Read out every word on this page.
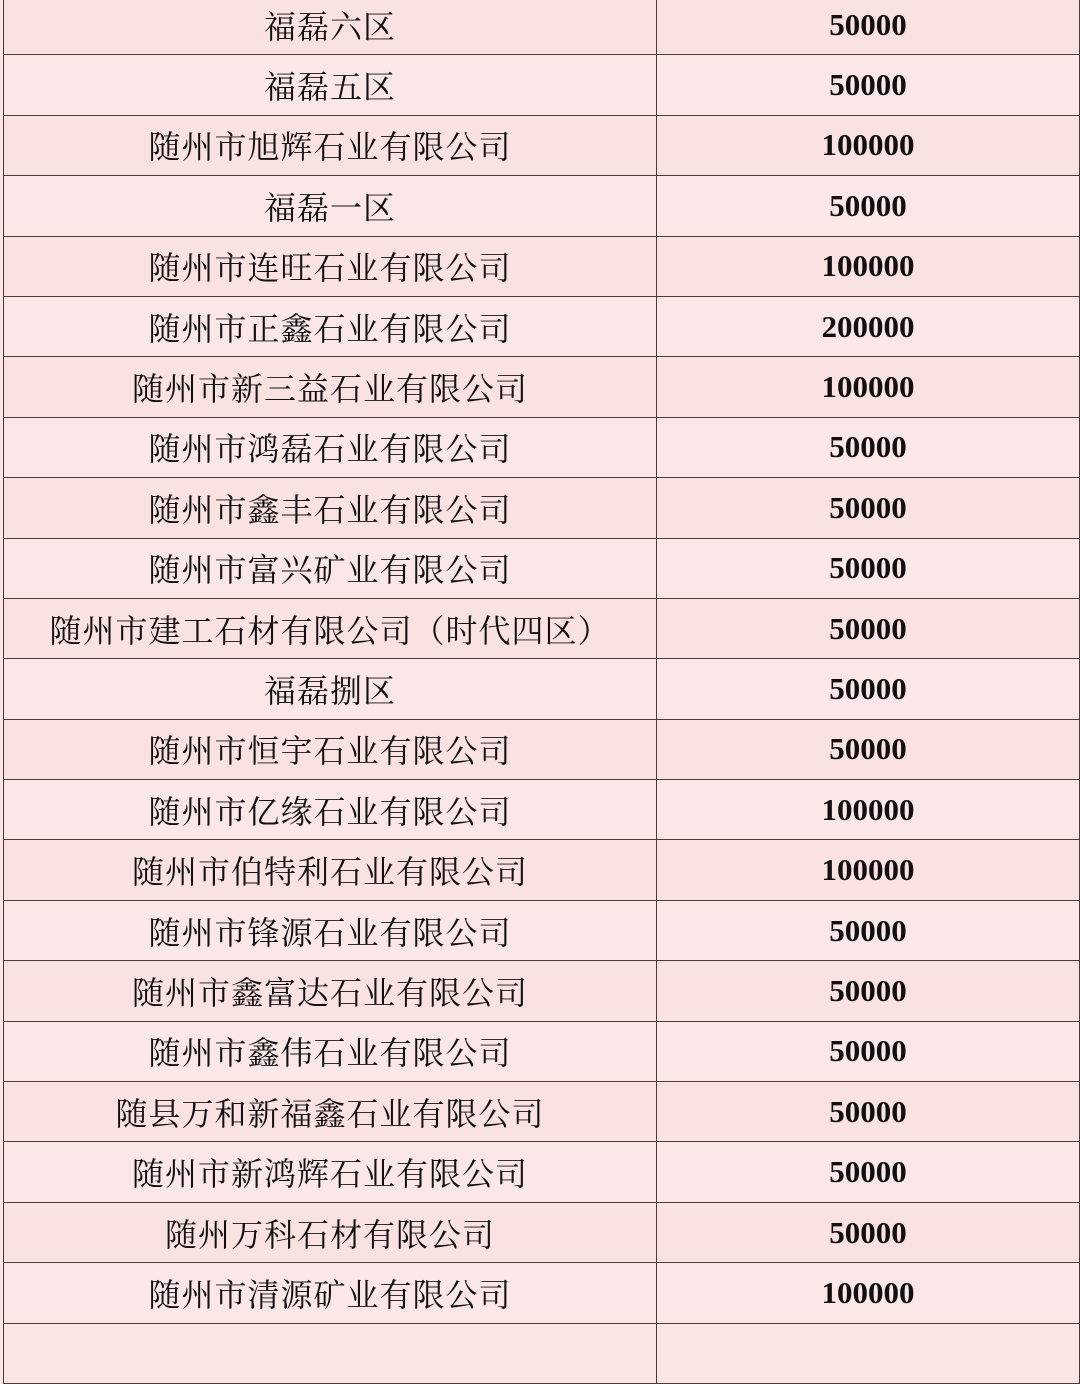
福磊六区	50000
福磊五区	50000
随州市旭辉石业有限公司	100000
福磊一区	50000
随州市连旺石业有限公司	100000
随州市正鑫石业有限公司	200000
随州市新三益石业有限公司	100000
随州市鸿磊石业有限公司	50000
随州市鑫丰石业有限公司	50000
随州市富兴矿业有限公司	50000
随州市建工石材有限公司（时代四区）	50000
福磊捌区	50000
随州市恒宇石业有限公司	50000
随州市亿缘石业有限公司	100000
随州市伯特利石业有限公司	100000
随州市锋源石业有限公司	50000
随州市鑫富达石业有限公司	50000
随州市鑫伟石业有限公司	50000
随县万和新福鑫石业有限公司	50000
随州市新鸿辉石业有限公司	50000
随州万科石材有限公司	50000
随州市清源矿业有限公司	100000
